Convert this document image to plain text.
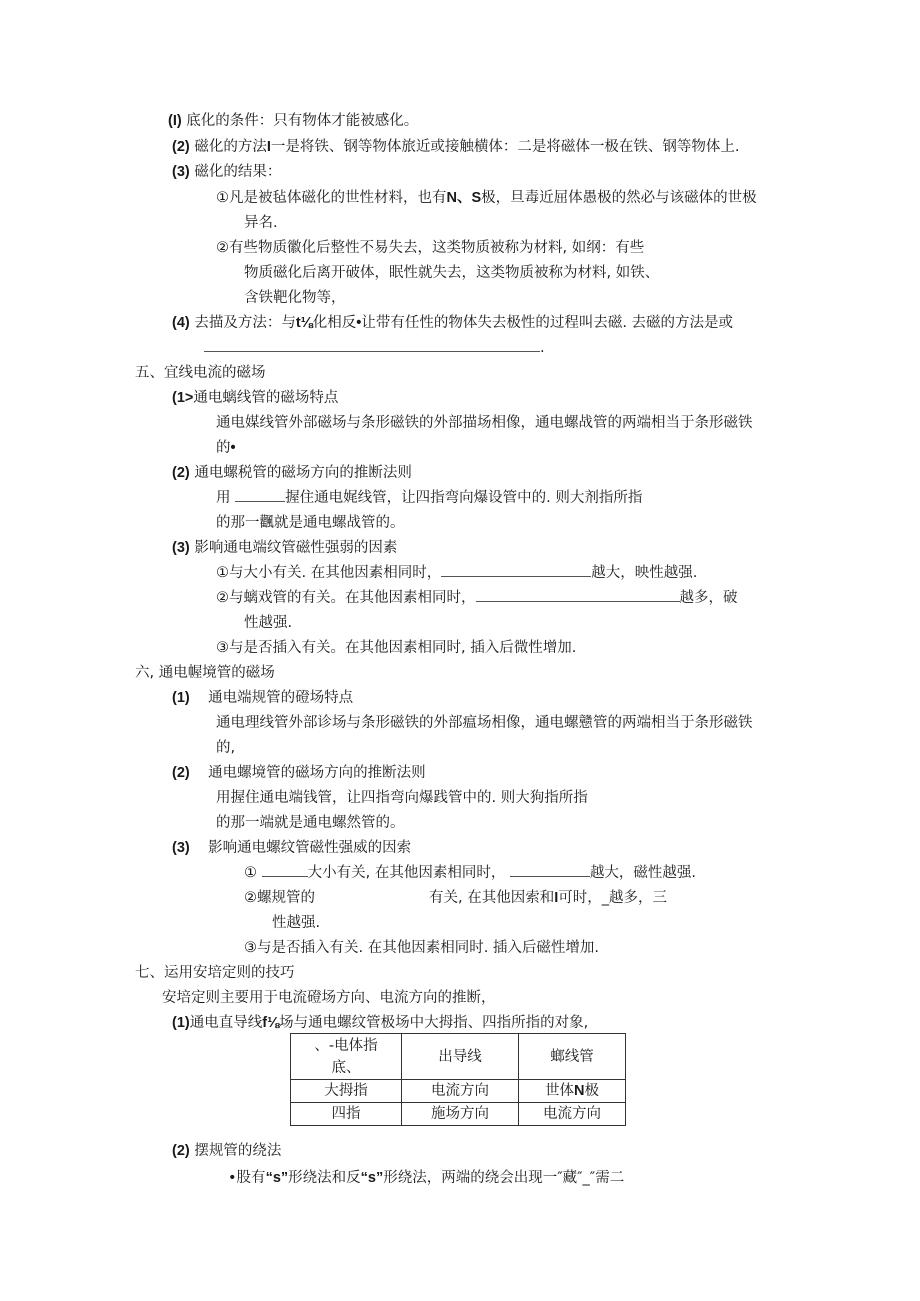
(I) 底化的条件：只有物体才能被感化。
(2) 磁化的方法I一是将铁、钢等物体旅近或接触横体：二是将磁体一极在铁、钢等物体上.
(3) 磁化的结果：
①凡是被毡体磁化的世性材料，也有N、S极，旦毒近屈体愚极的然必与该磁体的世极
异名.
②有些物质徽化后整性不易失去，这类物质被称为材料, 如纲：有些
物质磁化后离开破体，眠性就失去，这类物质被称为材料, 如铁、
含铁靶化物等，
(4) 去描及方法：与t⅛化相反•让带有任性的物体失去极性的过程叫去磁. 去磁的方法是或
.
五、宜线电流的磁场
(1>通电螭线管的磁场特点
通电媒线管外部磁场与条形磁铁的外部描场相像，通电螺战管的两端相当于条形磁铁
的•
(2) 通电螺税管的磁场方向的推断法则
用	握住通电娓线管，让四指弯向爆设管中的. 则大剂指所指
的那一飌就是通电螺战管的。
(3) 影响通电端纹管磁性强弱的因素
①与大小有关. 在其他因素相同时，	越大，映性越强.
②与螭戏管的有关。在其他因素相同时，	越多，破
性越强.
③与是否插入有关。在其他因素相同时, 插入后微性增加.
六, 通电幄境管的磁场
(1) 通电端规管的磴场特点
通电理线管外部诊场与条形磁铁的外部瘟场相像，通电螺戆管的两端相当于条形磁铁
的,
(2) 通电螺境管的磁场方向的推断法则
用握住通电端钱管，让四指弯向爆践管中的. 则大狗指所指
的那一端就是通电螺然管的。
(3) 影响通电螺纹管磁性强威的因索
①	大小有关, 在其他因素相同时，	越大，磁性越强.
②螺规管的	有关, 在其他因索和I可时，_越多，三
性越强.
③与是否插入有关. 在其他因素相同时. 插入后磁性增加.
七、运用安培定则的技巧
安培定则主要用于电流磴场方向、电流方向的推断，
(1)通电直导线f⅛场与通电螺纹管极场中大拇指、四指所指的对象,
、-电体指
底、	出导线	螂线管
大拇指	电流方向	世体N极
四指	施场方向	电流方向
(2) 摆规管的绕法
•股有“s”形绕法和反“s”形绕法，两端的绕会出现一″藏″_″需二
